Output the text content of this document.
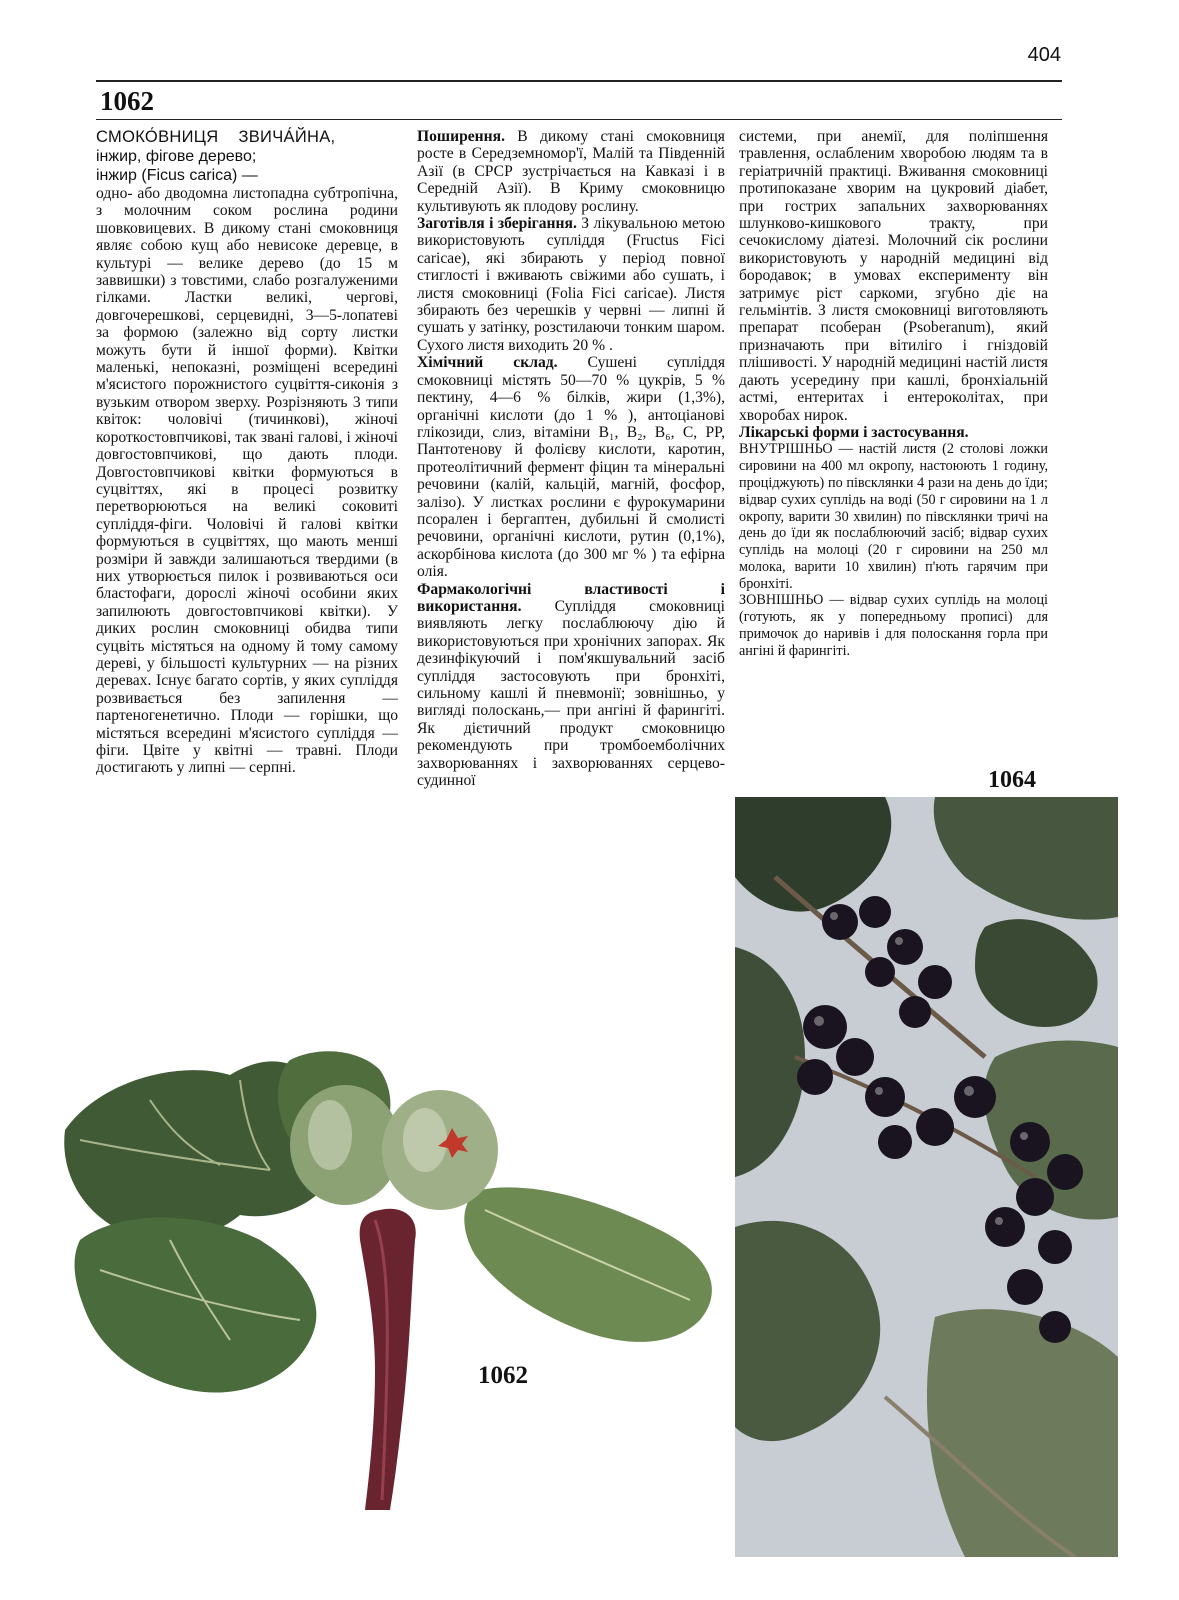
404
1062
СМОКО́ВНИЦЯ ЗВИЧА́ЙНА,
інжир, фігове дерево;
інжир (Ficus carica) —

одно- або дводомна листопадна субтропічна, з молочним соком рослина родини шовковицевих. В дикому стані смоковниця являє собою кущ або невисоке деревце, в культурі — велике дерево (до 15 м заввишки) з товстими, слабо розгалуженими гілками. Ластки великі, чергові, довгочерешкові, серцевидні, 3—5-лопатеві за формою (залежно від сорту листки можуть бути й іншої форми). Квітки маленькі, непоказні, розміщені всередині м'ясистого порожнистого суцвіття-сиконія з вузьким отвором зверху. Розрізняють 3 типи квіток: чоловічі (тичинкові), жіночі короткостовпчикові, так звані галові, і жіночі довгостовпчикові, що дають плоди. Довгостовпчикові квітки формуються в суцвіттях, які в процесі розвитку перетворюються на великі соковиті супліддя-фіги. Чоловічі й галові квітки формуються в суцвіттях, що мають менші розміри й завжди залишаються твердими (в них утворюється пилок і розвиваються оси бластофаги, дорослі жіночі особини яких запилюють довгостовпчикові квітки). У диких рослин смоковниці обидва типи суцвіть містяться на одному й тому самому дереві, у більшості культурних — на різних деревах. Існує багато сортів, у яких супліддя розвивається без запилення — партеногенетично. Плоди — горішки, що містяться всередині м'ясистого супліддя — фіги. Цвіте у квітні — травні. Плоди достигають у липні — серпні.

Поширення. В дикому стані смоковниця росте в Середземномор'ї, Малій та Південній Азії (в СРСР зустрічається на Кавказі і в Середній Азії). В Криму смоковницю культивують як плодову рослину.

Заготівля і зберігання. З лікувальною метою використовують супліддя (Fructus Fici caricae), які збирають у період повної стиглості і вживають свіжими або сушать, і листя смоковниці (Folia Fici caricae). Листя збирають без черешків у червні — липні й сушать у затінку, розстилаючи тонким шаром. Сухого листя виходить 20 % .

Хімічний склад. Сушені супліддя смоковниці містять 50—70 % цукрів, 5 % пектину, 4—6 % білків, жири (1,3%), органічні кислоти (до 1 % ), антоціанові глікозиди, слиз, вітаміни B₁, B₂, B₆, C, PP, Пантотенову й фолієву кислоти, каротин, протеолітичний фермент фіцин та мінеральні речовини (калій, кальцій, магній, фосфор, залізо). У листках рослини є фурокумарини псорален і бергаптен, дубильні й смолисті речовини, органічні кислоти, рутин (0,1%), аскорбінова кислота (до 300 мг % ) та ефірна олія.

Фармакологічні властивості і використання. Супліддя смоковниці виявляють легку послаблюючу дію й використовуються при хронічних запорах. Як дезинфікуючий і пом'якшувальний засіб супліддя застосовують при бронхіті, сильному кашлі й пневмонії; зовнішньо, у вигляді полоскань,— при ангіні й фарингіті. Як дієтичний продукт смоковницю рекомендують при тромбоемболічних захворюваннях і захворюваннях серцево-судинної

системи, при анемії, для поліпшення травлення, ослабленим хворобою людям та в геріатричній практиці. Вживання смоковниці протипоказане хворим на цукровий діабет, при гострих запальних захворюваннях шлунково-кишкового тракту, при сечокислому діатезі. Молочний сік рослини використовують у народній медицині від бородавок; в умовах експерименту він затримує ріст саркоми, згубно діє на гельмінтів. З листя смоковниці виготовляють препарат псоберан (Psoberanum), який призначають при вітиліго і гніздовій плішивості. У народній медицині настій листя дають усередину при кашлі, бронхіальній астмі, ентеритах і ентероколітах, при хворобах нирок.

Лікарські форми і застосування.

ВНУТРІШНЬО — настій листя (2 столові ложки сировини на 400 мл окропу, настоюють 1 годину, проціджують) по півсклянки 4 рази на день до їди; відвар сухих суплідь на воді (50 г сировини на 1 л окропу, варити 30 хвилин) по півсклянки тричі на день до їди як послаблюючий засіб; відвар сухих суплідь на молоці (20 г сировини на 250 мл молока, варити 10 хвилин) п'ють гарячим при бронхіті.

ЗОВНІШНЬО — відвар сухих суплідь на молоці (готують, як у попередньому прописі) для примочок до наривів і для полоскання горла при ангіні й фарингіті.

1062
1064
